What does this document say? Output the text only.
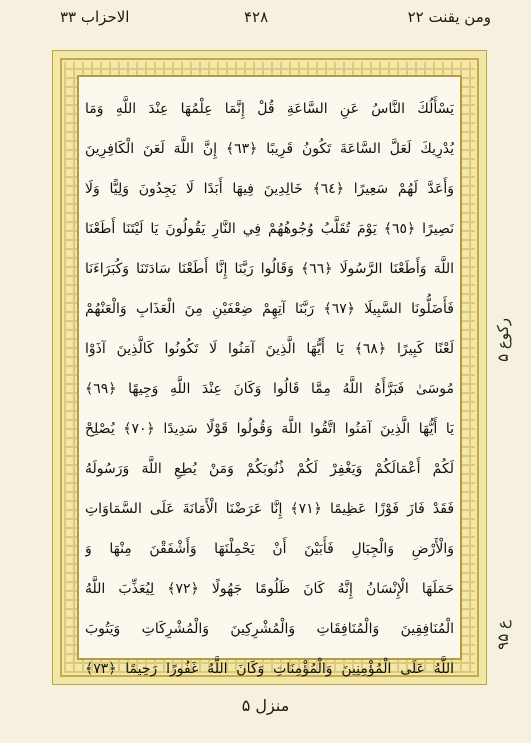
الاحزاب ٣٣	۴۲۸	ومن یقنت ۲۲
يَسْأَلُكَ النَّاسُ عَنِ السَّاعَةِ قُلْ إِنَّمَا عِلْمُهَا عِنْدَ اللَّهِ وَمَا
يُدْرِيكَ لَعَلَّ السَّاعَةَ تَكُونُ قَرِيبًا ﴿٦٣﴾ إِنَّ اللَّهَ لَعَنَ الْكَافِرِينَ
وَأَعَدَّ لَهُمْ سَعِيرًا ﴿٦٤﴾ خَالِدِينَ فِيهَا أَبَدًا لَا يَجِدُونَ وَلِيًّا وَلَا
نَصِيرًا ﴿٦٥﴾ يَوْمَ تُقَلَّبُ وُجُوهُهُمْ فِي النَّارِ يَقُولُونَ يَا لَيْتَنَا أَطَعْنَا
اللَّهَ وَأَطَعْنَا الرَّسُولَا ﴿٦٦﴾ وَقَالُوا رَبَّنَا إِنَّا أَطَعْنَا سَادَتَنَا وَكُبَرَاءَنَا
فَأَضَلُّونَا السَّبِيلَا ﴿٦٧﴾ رَبَّنَا آتِهِمْ ضِعْفَيْنِ مِنَ الْعَذَابِ وَالْعَنْهُمْ
لَعْنًا كَبِيرًا ﴿٦٨﴾ يَا أَيُّهَا الَّذِينَ آمَنُوا لَا تَكُونُوا كَالَّذِينَ آذَوْا
مُوسَىٰ فَبَرَّأَهُ اللَّهُ مِمَّا قَالُوا وَكَانَ عِنْدَ اللَّهِ وَجِيهًا ﴿٦٩﴾
يَا أَيُّهَا الَّذِينَ آمَنُوا اتَّقُوا اللَّهَ وَقُولُوا قَوْلًا سَدِيدًا ﴿٧٠﴾ يُصْلِحْ
لَكُمْ أَعْمَالَكُمْ وَيَغْفِرْ لَكُمْ ذُنُوبَكُمْ وَمَنْ يُطِعِ اللَّهَ وَرَسُولَهُ
فَقَدْ فَازَ فَوْزًا عَظِيمًا ﴿٧١﴾ إِنَّا عَرَضْنَا الْأَمَانَةَ عَلَى السَّمَاوَاتِ
وَالْأَرْضِ وَالْجِبَالِ فَأَبَيْنَ أَنْ يَحْمِلْنَهَا وَأَشْفَقْنَ مِنْهَا وَ
حَمَلَهَا الْإِنْسَانُ إِنَّهُ كَانَ ظَلُومًا جَهُولًا ﴿٧٢﴾ لِيُعَذِّبَ اللَّهُ
الْمُنَافِقِينَ وَالْمُنَافِقَاتِ وَالْمُشْرِكِينَ وَالْمُشْرِكَاتِ وَيَتُوبَ
اللَّهُ عَلَى الْمُؤْمِنِينَ وَالْمُؤْمِنَاتِ وَكَانَ اللَّهُ غَفُورًا رَحِيمًا ﴿٧٣﴾
رکوع ۵
۹ع ۵
منزل ۵
